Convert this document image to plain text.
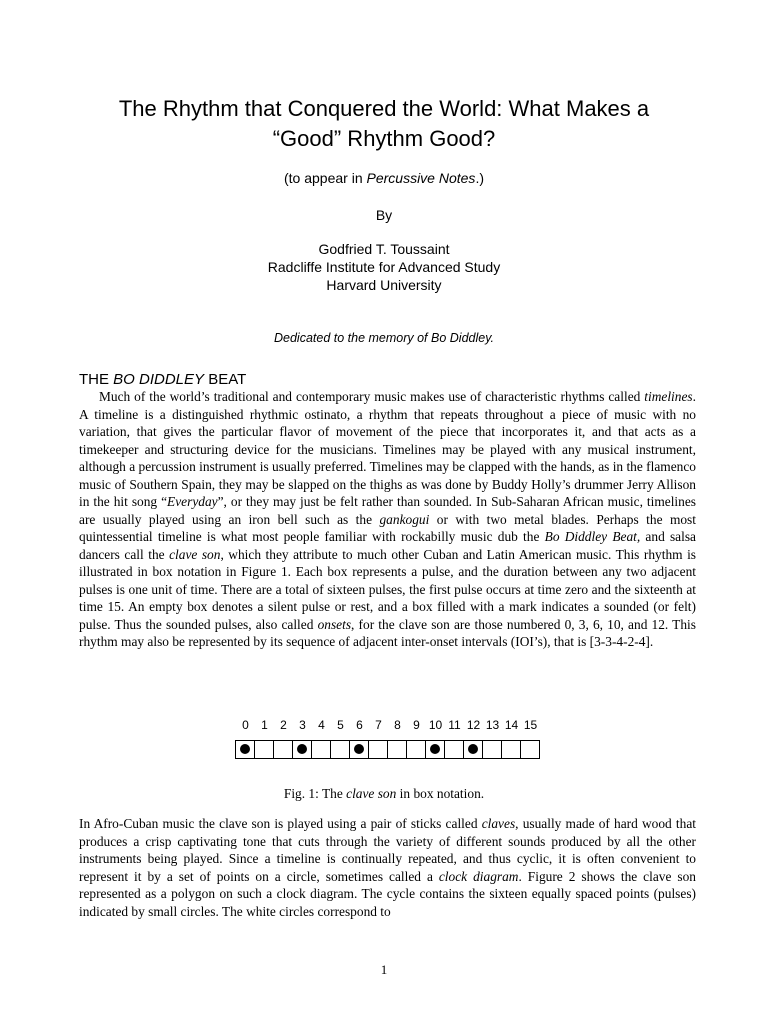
The Rhythm that Conquered the World: What Makes a
“Good” Rhythm Good?
(to appear in Percussive Notes.)
By
Godfried T. Toussaint
Radcliffe Institute for Advanced Study
Harvard University
Dedicated to the memory of Bo Diddley.
THE BO DIDDLEY BEAT

Much of the world’s traditional and contemporary music makes use of characteristic rhythms called timelines. A timeline is a distinguished rhythmic ostinato, a rhythm that repeats throughout a piece of music with no variation, that gives the particular flavor of movement of the piece that incorporates it, and that acts as a timekeeper and structuring device for the musicians. Timelines may be played with any musical instrument, although a percussion instrument is usually preferred. Timelines may be clapped with the hands, as in the flamenco music of Southern Spain, they may be slapped on the thighs as was done by Buddy Holly’s drummer Jerry Allison in the hit song “Everyday”, or they may just be felt rather than sounded. In Sub-Saharan African music, timelines are usually played using an iron bell such as the gankogui or with two metal blades. Perhaps the most quintessential timeline is what most people familiar with rockabilly music dub the Bo Diddley Beat, and salsa dancers call the clave son, which they attribute to much other Cuban and Latin American music. This rhythm is illustrated in box notation in Figure 1. Each box represents a pulse, and the duration between any two adjacent pulses is one unit of time. There are a total of sixteen pulses, the first pulse occurs at time zero and the sixteenth at time 15. An empty box denotes a silent pulse or rest, and a box filled with a mark indicates a sounded (or felt) pulse. Thus the sounded pulses, also called onsets, for the clave son are those numbered 0, 3, 6, 10, and 12. This rhythm may also be represented by its sequence of adjacent inter-onset intervals (IOI’s), that is [3-3-4-2-4].

0	1	2	3	4	5	6	7	8	9 10 11 12 13 14 15
Fig. 1: The clave son in box notation.

In Afro-Cuban music the clave son is played using a pair of sticks called claves, usually made of hard wood that produces a crisp captivating tone that cuts through the variety of different sounds produced by all the other instruments being played. Since a timeline is continually repeated, and thus cyclic, it is often convenient to represent it by a set of points on a circle, sometimes called a clock diagram. Figure 2 shows the clave son represented as a polygon on such a clock diagram. The cycle contains the sixteen equally spaced points (pulses) indicated by small circles. The white circles correspond to

1
